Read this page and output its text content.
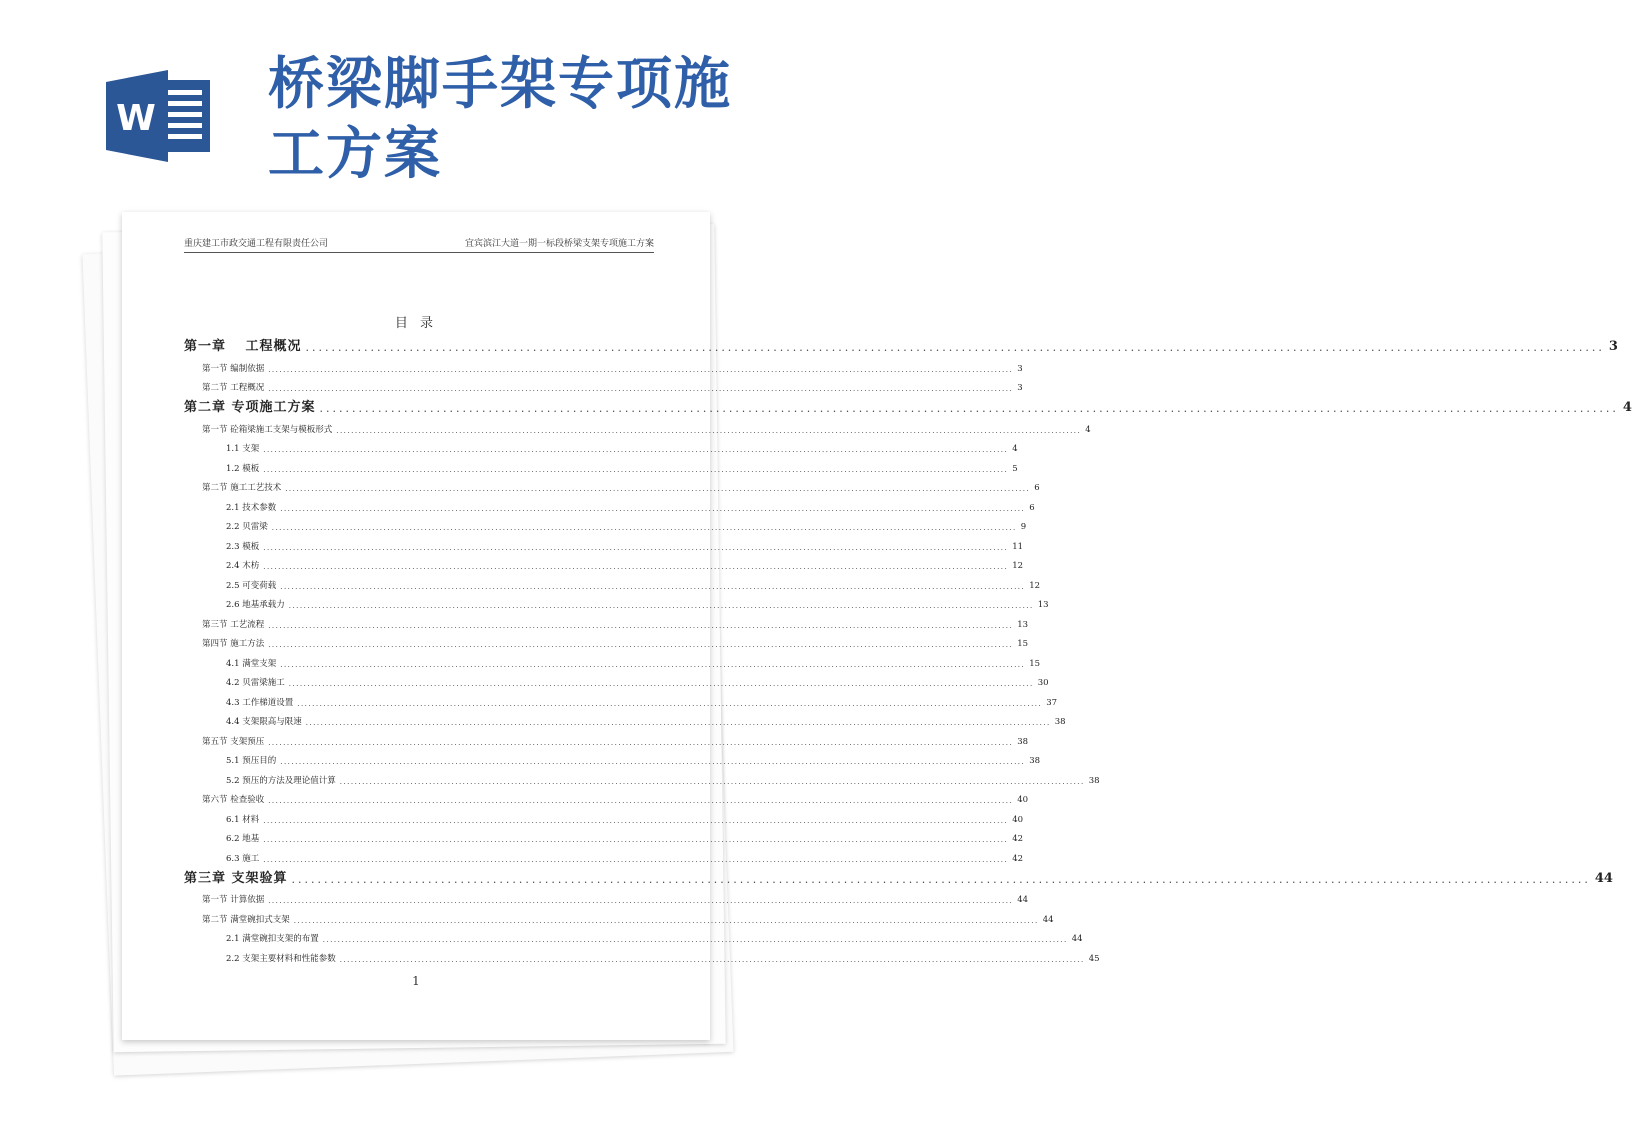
W
桥梁脚手架专项施工方案
重庆建工市政交通工程有限责任公司	宜宾滨江大道一期一标段桥梁支架专项施工方案
目 录
第一章　 工程概况 ........................................................................................................................................................................................................ 3
第一节 编制依据 ........................................................................................................................................................................................................ 3
第二节 工程概况 ........................................................................................................................................................................................................ 3
第二章 专项施工方案 ........................................................................................................................................................................................................ 4
第一节 砼箱梁施工支架与模板形式 ........................................................................................................................................................................................................ 4
1.1 支架 ........................................................................................................................................................................................................ 4
1.2 模板 ........................................................................................................................................................................................................ 5
第二节 施工工艺技术 ........................................................................................................................................................................................................ 6
2.1 技术参数 ........................................................................................................................................................................................................ 6
2.2 贝雷梁 ........................................................................................................................................................................................................ 9
2.3 模板 ........................................................................................................................................................................................................ 11
2.4 木枋 ........................................................................................................................................................................................................ 12
2.5 可变荷载 ........................................................................................................................................................................................................ 12
2.6 地基承载力 ........................................................................................................................................................................................................ 13
第三节 工艺流程 ........................................................................................................................................................................................................ 13
第四节 施工方法 ........................................................................................................................................................................................................ 15
4.1 满堂支架 ........................................................................................................................................................................................................ 15
4.2 贝雷梁施工 ........................................................................................................................................................................................................ 30
4.3 工作梯道设置 ........................................................................................................................................................................................................ 37
4.4 支架限高与限速 ........................................................................................................................................................................................................ 38
第五节 支架预压 ........................................................................................................................................................................................................ 38
5.1 预压目的 ........................................................................................................................................................................................................ 38
5.2 预压的方法及理论值计算 ........................................................................................................................................................................................................ 38
第六节 检查验收 ........................................................................................................................................................................................................ 40
6.1 材料 ........................................................................................................................................................................................................ 40
6.2 地基 ........................................................................................................................................................................................................ 42
6.3 施工 ........................................................................................................................................................................................................ 42
第三章 支架验算 ........................................................................................................................................................................................................ 44
第一节 计算依据 ........................................................................................................................................................................................................ 44
第二节 满堂碗扣式支架 ........................................................................................................................................................................................................ 44
2.1 满堂碗扣支架的布置 ........................................................................................................................................................................................................ 44
2.2 支架主要材料和性能参数 ........................................................................................................................................................................................................ 45
1
